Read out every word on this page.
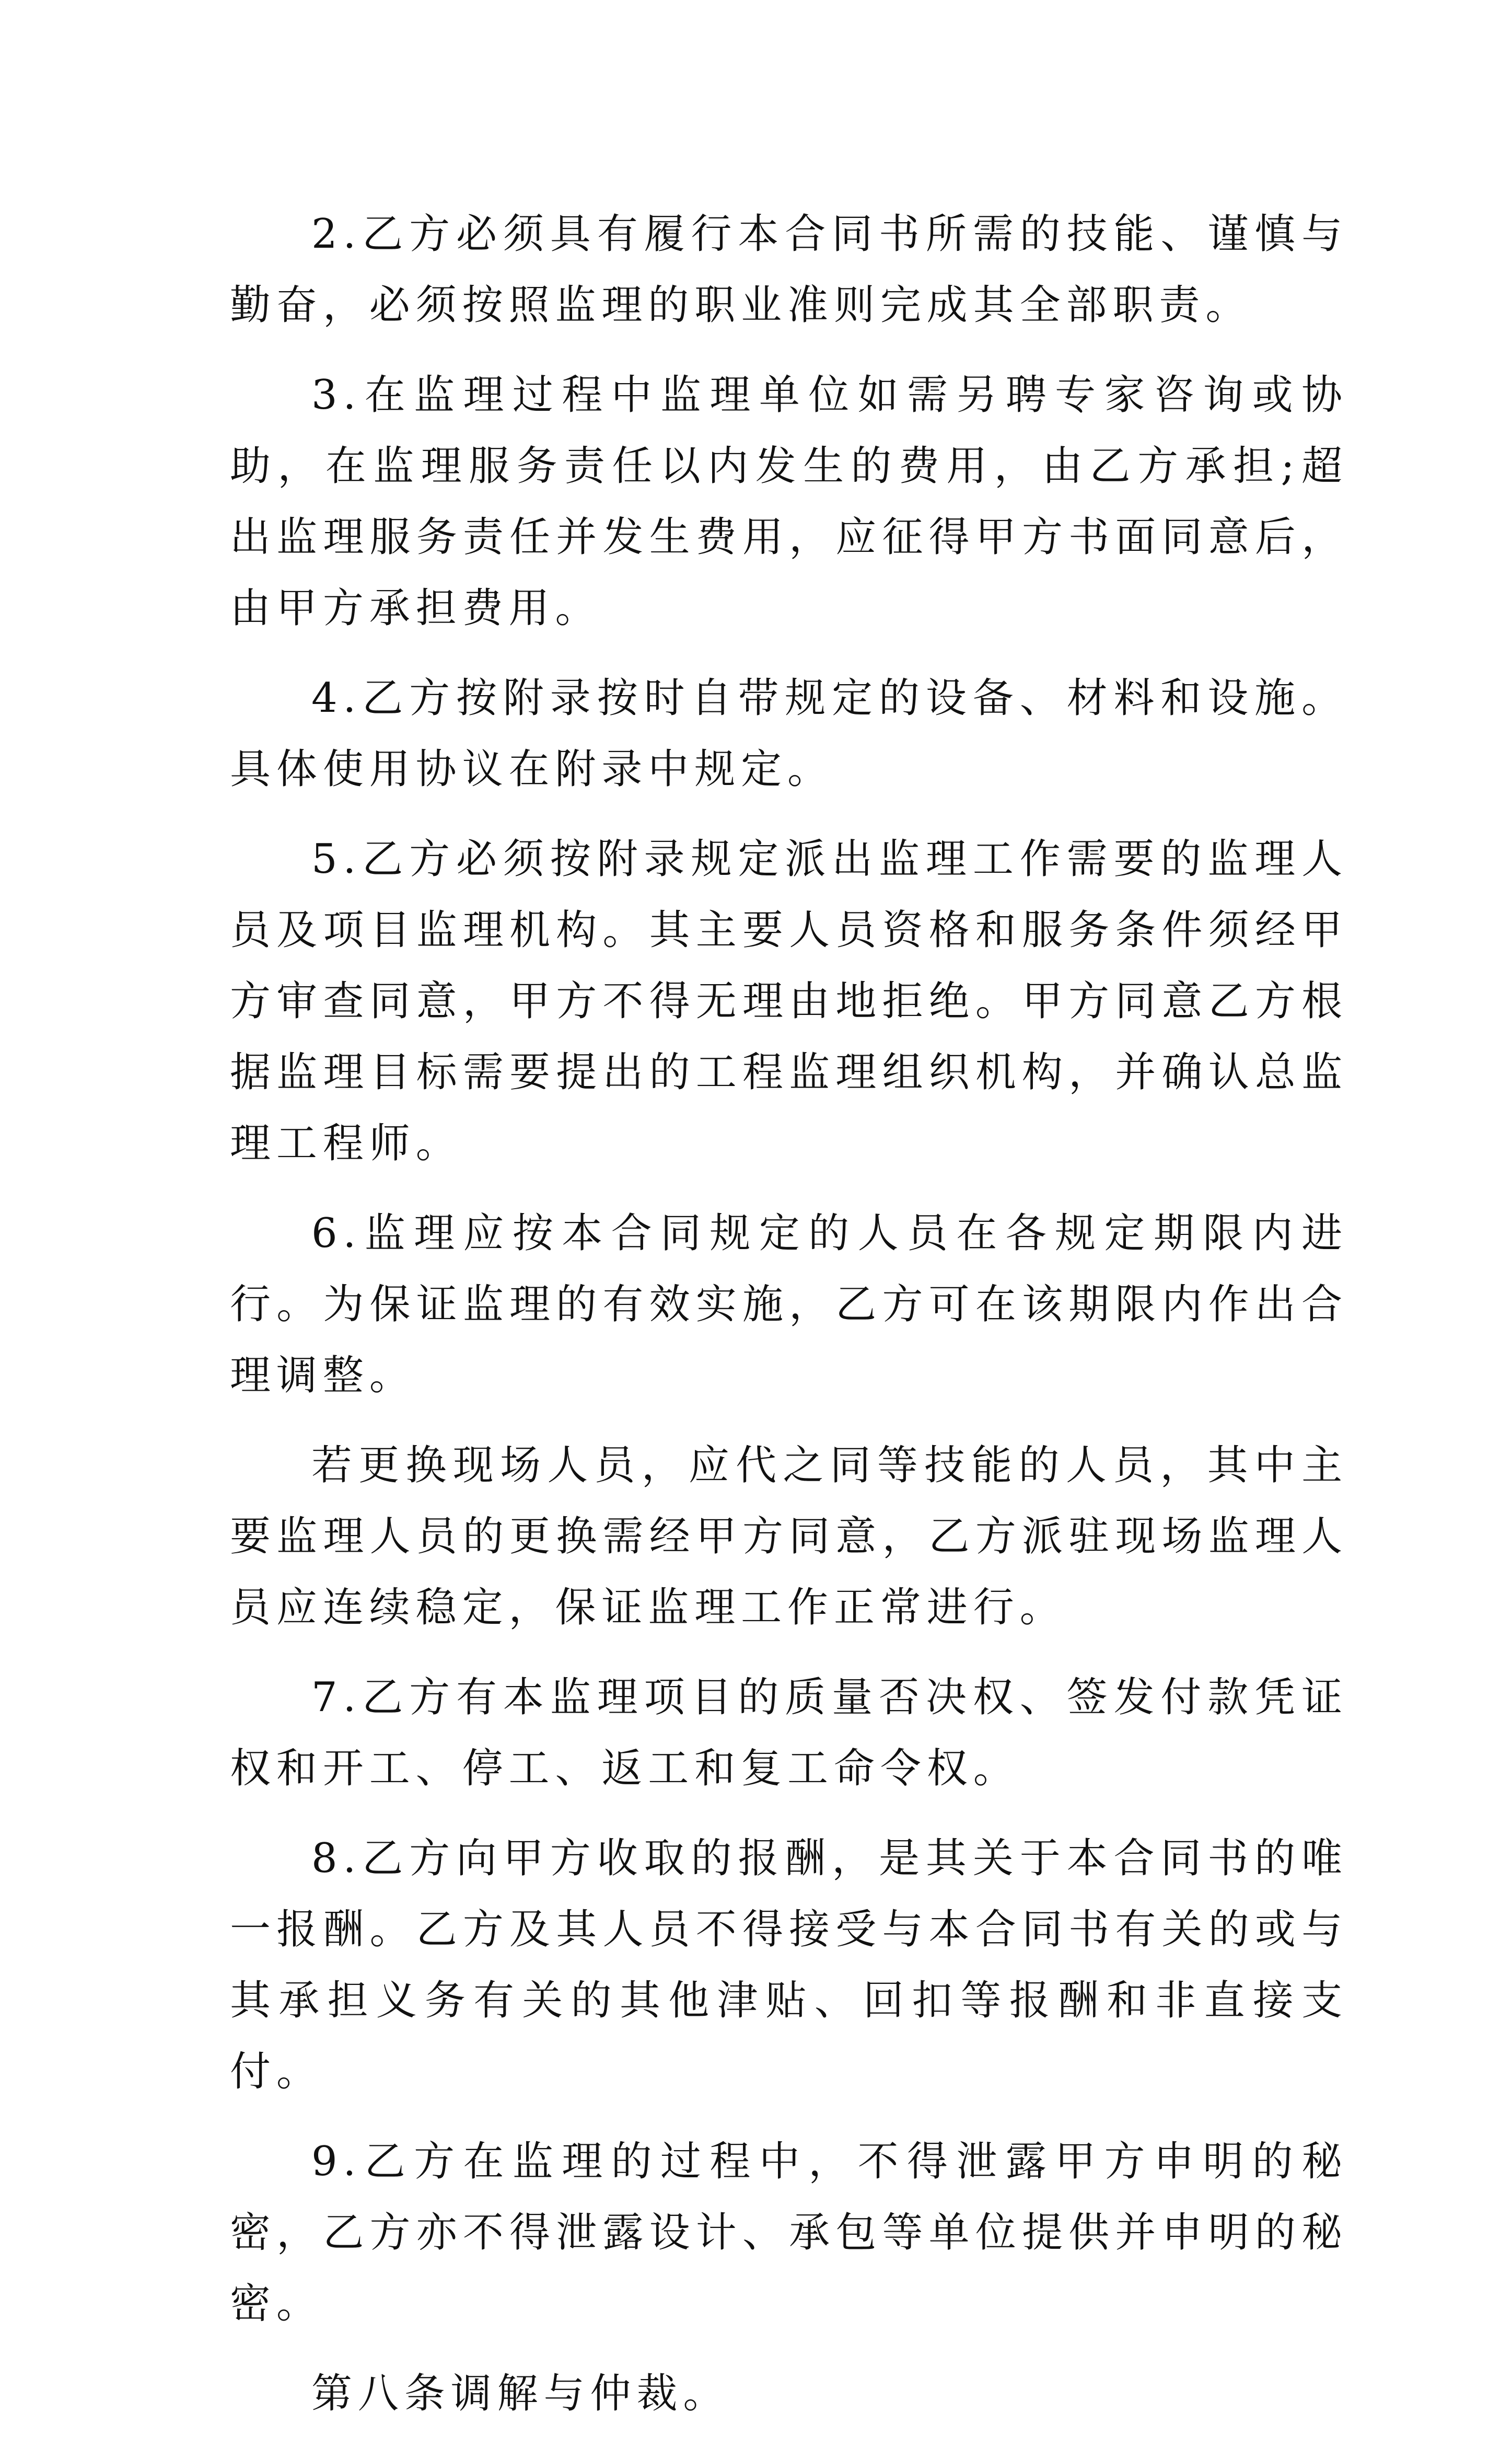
2.乙方必须具有履行本合同书所需的技能、谨慎与勤奋，必须按照监理的职业准则完成其全部职责。

3.在监理过程中监理单位如需另聘专家咨询或协助，在监理服务责任以内发生的费用，由乙方承担;超出监理服务责任并发生费用，应征得甲方书面同意后，由甲方承担费用。

4.乙方按附录按时自带规定的设备、材料和设施。具体使用协议在附录中规定。

5.乙方必须按附录规定派出监理工作需要的监理人员及项目监理机构。其主要人员资格和服务条件须经甲方审查同意，甲方不得无理由地拒绝。甲方同意乙方根据监理目标需要提出的工程监理组织机构，并确认总监理工程师。

6.监理应按本合同规定的人员在各规定期限内进行。为保证监理的有效实施，乙方可在该期限内作出合理调整。

若更换现场人员，应代之同等技能的人员，其中主要监理人员的更换需经甲方同意，乙方派驻现场监理人员应连续稳定，保证监理工作正常进行。

7.乙方有本监理项目的质量否决权、签发付款凭证权和开工、停工、返工和复工命令权。

8.乙方向甲方收取的报酬，是其关于本合同书的唯一报酬。乙方及其人员不得接受与本合同书有关的或与其承担义务有关的其他津贴、回扣等报酬和非直接支付。

9.乙方在监理的过程中，不得泄露甲方申明的秘密，乙方亦不得泄露设计、承包等单位提供并申明的秘密。

第八条调解与仲裁。
